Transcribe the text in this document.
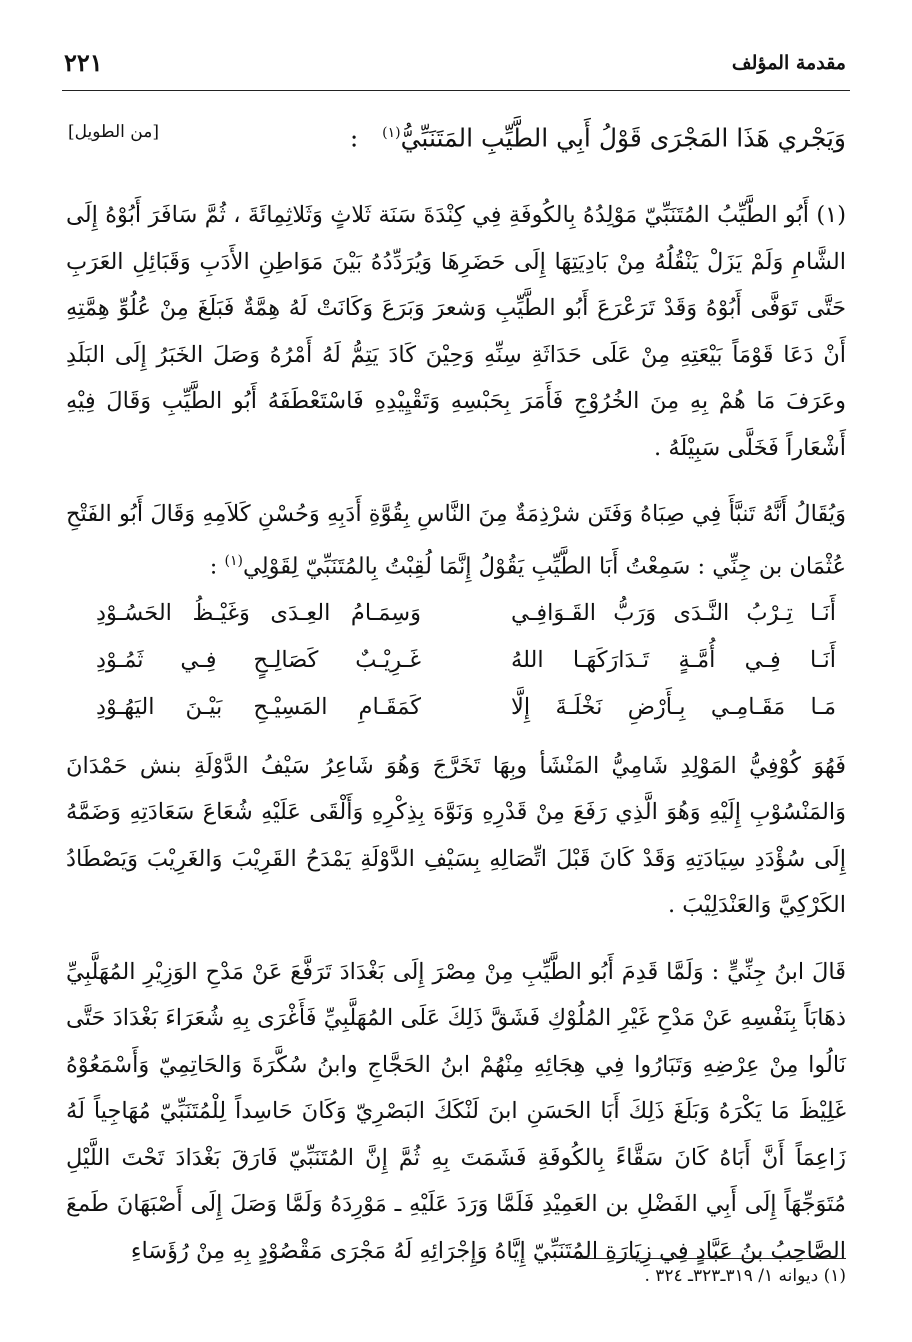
مقدمة المؤلف
٢٢١
وَيَجْري هَذَا المَجْرَى قَوْلُ أَبِي الطَّيِّبِ المَتَنَبِّيُّ$^{(١)}$   :
[من الطويل]

(١) أَبُو الطَّيِّبُ المُتَنَبِّيّ مَوْلِدُهُ بِالكُوفَةِ فِي كِنْدَةَ سَنَة ثَلاثٍ وَثَلاثِمِائَةَ ، ثُمَّ سَافَرَ أَبُوْهُ إِلَى الشَّامِ وَلَمْ يَزَلْ يَنْقُلُهُ مِنْ بَادِيَتِهَا إِلَى حَضَرِهَا وَيُرَدِّدُهُ بَيْنَ مَوَاطِنِ الأَدَبِ وَقَبَائِلِ العَرَبِ حَتَّى تَوَفَّى أَبُوْهُ وَقَدْ تَرَعْرَعَ أَبُو الطَّيِّبِ وَشعرَ وَبَرَعَ وَكَانَتْ لَهُ هِمَّةٌ فَبَلَغَ مِنْ عُلُوِّ هِمَّتِهِ أَنْ دَعَا قَوْمَاً بَيْعَتِهِ مِنْ عَلَى حَدَاثَةِ سِنِّهِ وَحِيْنَ كَادَ يَتِمُّ لَهُ أَمْرُهُ وَصَلَ الخَبَرُ إِلَى البَلَدِ وعَرَفَ مَا هُمْ بِهِ مِنَ الخُرُوْجِ فَأَمَرَ بِحَبْسِهِ وَتَقْيِيْدِهِ فَاسْتَعْطَفَهُ أَبُو الطَّيِّبِ وَقَالَ فِيْهِ أَشْعَاراً فَخَلَّى سَبِيْلَهُ .

وَيُقَالُ أَنَّهُ تَنبَّأَ فِي صِبَاهُ وَفَتَن شرْذِمَةٌ مِنَ النَّاسِ بِقُوَّةِ أَدَبِهِ وَحُسْنِ كَلاَمِهِ وَقَالَ أَبُو الفَتْحِ عُثْمَان بن جِنِّي : سَمِعْتُ أَبَا الطَّيِّبِ يَقُوْلُ إِنَّمَا لُقِبْتُ بِالمُتَنَبِّيّ لِقَوْلِي$^{(١)}$ :

أَنَـا تِـرْبُ النَّـدَى وَرَبُّ القَـوَافِـي
وَسِمَـامُ العِـدَى وَغَيْـظُ الحَسُـوْدِ
أَنَـا فِـي أُمَّـةٍ تَـدَارَكَهَـا اللهُ
غَـرِيْـبٌ كَصَالِـحٍ فِـي ثَمُـوْدِ
مَـا مَقَـامِـي بِـأَرْضِ نَخْلَـةَ إِلَّا
كَمَقَـامِ المَسِيْـحِ بَيْـنَ اليَهُـوْدِ

فَهُوَ كُوْفِيُّ المَوْلِدِ شَامِيُّ المَنْشَأ وبِهَا تَخَرَّجَ وَهُوَ شَاعِرُ سَيْفُ الدَّوْلَةِ بنش حَمْدَانَ وَالمَنْسُوْبِ إِلَيْهِ وَهُوَ الَّذِي رَفَعَ مِنْ قَدْرِهِ وَنَوَّهَ بِذِكْرِهِ وَأَلْقَى عَلَيْهِ شُعَاعَ سَعَادَتِهِ وَضَمَّهُ إِلَى سُؤْدَدِ سِيَادَتِهِ وَقَدْ كَانَ قَبْلَ اتِّصَالِهِ بِسَيْفِ الدَّوْلَةِ يَمْدَحُ القَرِيْبَ وَالغَرِيْبَ وَيَصْطَادُ الكَرْكِيَّ وَالعَنْدَلِيْبَ .

قَالَ ابنُ جِنِّيٍّ : وَلَمَّا قَدِمَ أَبُو الطَّيِّبِ مِنْ مِصْرَ إِلَى بَغْدَادَ تَرَفَّعَ عَنْ مَدْحِ الوَزِيْرِ المُهَلَّبِيِّ ذهَابَاً بِنَفْسِهِ عَنْ مَدْحِ غَيْرِ المُلُوْكِ فَشَقَّ ذَلِكَ عَلَى المُهَلَّبِيِّ فَأَغْرَى بِهِ شُعَرَاءَ بَغْدَادَ حَتَّى نَالُوا مِنْ عِرْضِهِ وَتَبَارُوا فِي هِجَائِهِ مِنْهُمْ ابنُ الحَجَّاجِ وابنُ سُكَّرَةَ وَالحَاتِمِيّ وَأَسْمَعُوْهُ غَلِيْظَ مَا يَكْرَهُ وَبَلَغَ ذَلِكَ أَبَا الحَسَنِ ابنَ لَنْكَكَ البَصْرِيّ وَكَانَ حَاسِداً لِلْمُتَنَبِّيّ مُهَاجِياً لَهُ زَاعِمَاً أَنَّ أَبَاهُ كَانَ سَقَّاءً بِالكُوفَةِ فَشَمَتَ بِهِ ثُمَّ إِنَّ المُتَنَبِّيّ فَارَقَ بَغْدَادَ تَحْتَ اللَّيْلِ مُتَوَجِّهَاً إِلَى أَبِي الفَضْلِ بن العَمِيْدِ فَلَمَّا وَرَدَ عَلَيْهِ ـ مَوْرِدَهُ وَلَمَّا وَصَلَ إِلَى أَصْبَهَانَ طَمعَ الصَّاحِبُ بنُ عَبَّادٍ فِي زِيَارَةِ المُتَنَبِّيّ إِيَّاهُ وَإِجْرَائِهِ لَهُ مَجْرَى مَقْصُوْدٍ بِهِ مِنْ رُؤَسَاءِ

(١) ديوانه ١/ ٣١٩ـ٣٢٣ـ ٣٢٤ .
